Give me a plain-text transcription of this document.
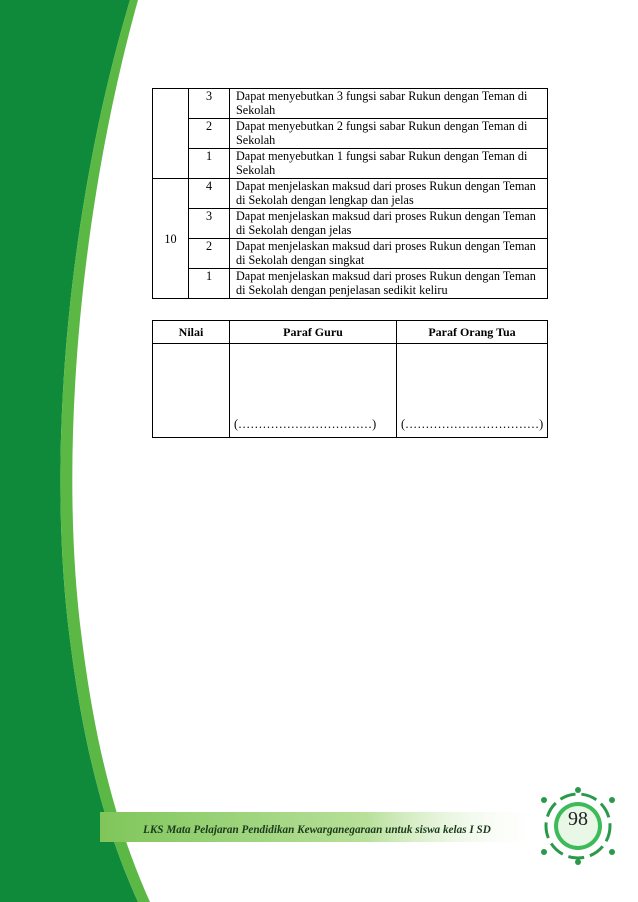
	3	Dapat menyebutkan 3 fungsi sabar Rukun dengan Teman di Sekolah
	2	Dapat menyebutkan 2 fungsi sabar Rukun dengan Teman di Sekolah
	1	Dapat menyebutkan 1 fungsi sabar Rukun dengan Teman di Sekolah
10	4	Dapat menjelaskan maksud dari proses Rukun dengan Teman di Sekolah dengan lengkap dan jelas
	3	Dapat menjelaskan maksud dari proses Rukun dengan Teman di Sekolah dengan jelas
	2	Dapat menjelaskan maksud dari proses Rukun dengan Teman di Sekolah dengan singkat
	1	Dapat menjelaskan maksud dari proses Rukun dengan Teman di Sekolah dengan penjelasan sedikit keliru
Nilai	Paraf Guru	Paraf Orang Tua
	(……………………………)	(……………………………)
LKS Mata Pelajaran Pendidikan Kewarganegaraan untuk siswa kelas I SD	98
